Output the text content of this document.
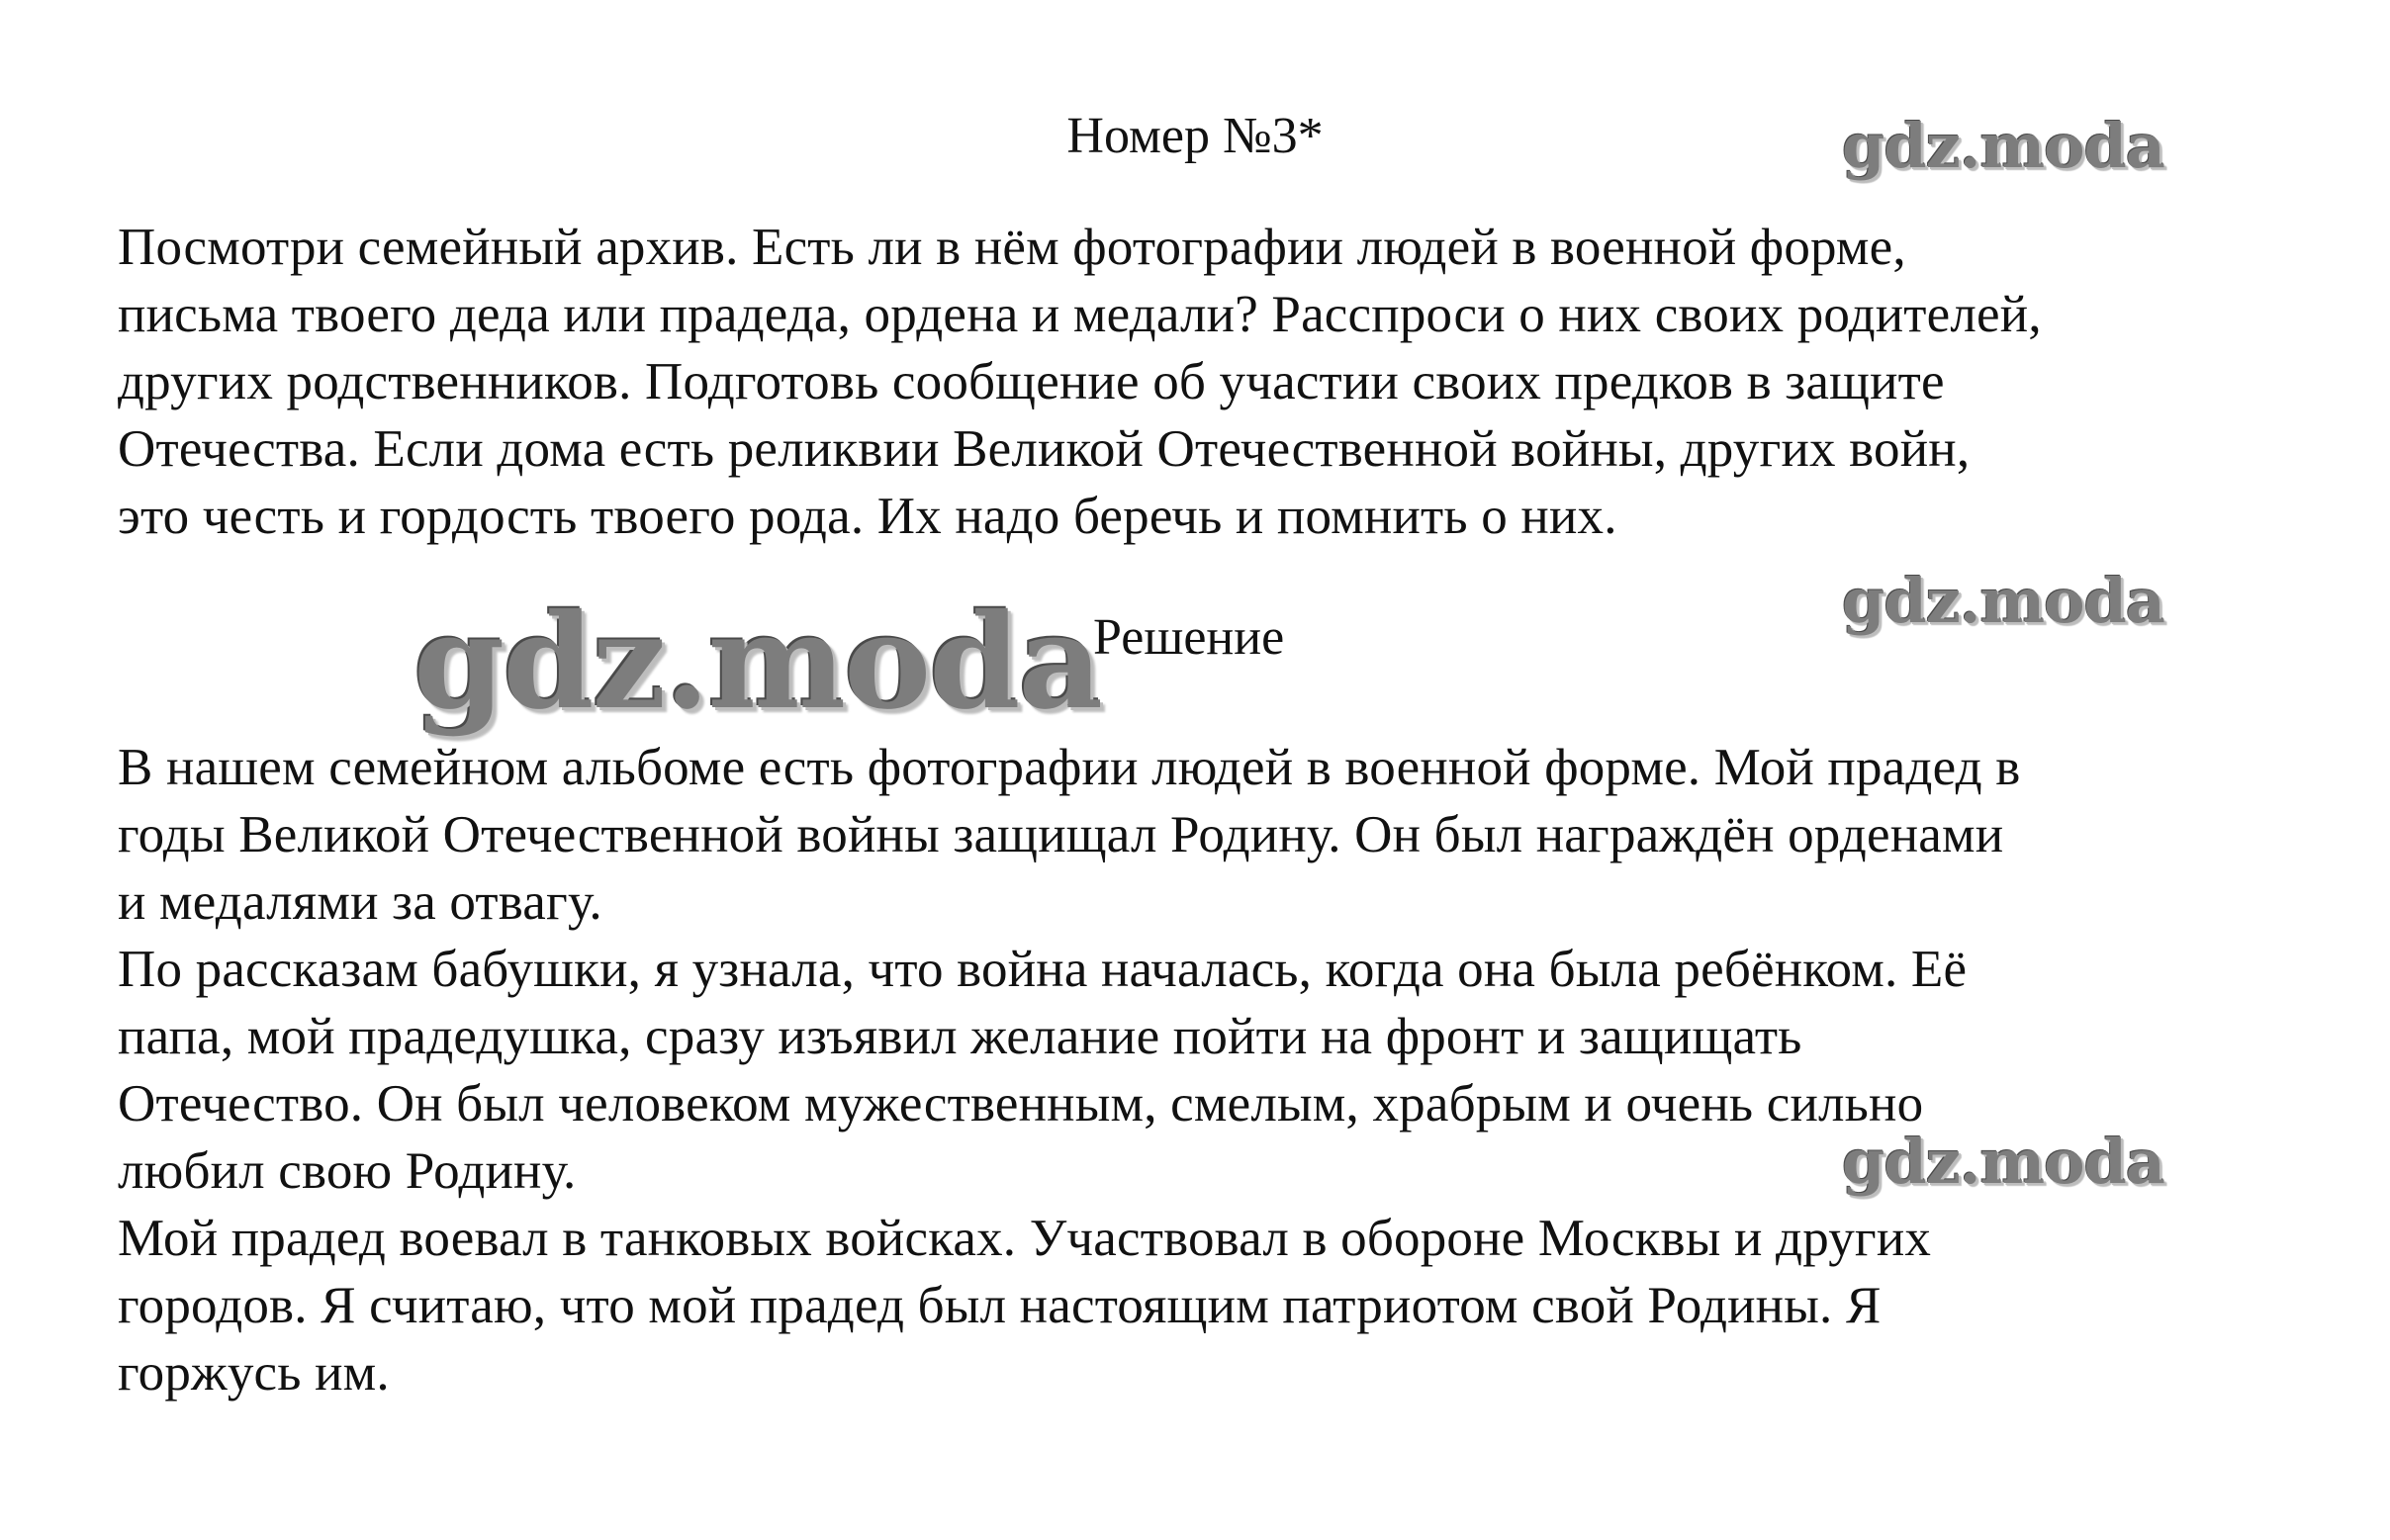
Номер №3*	gdz.moda
Посмотри семейный архив. Есть ли в нём фотографии людей в военной форме,
письма твоего деда или прадеда, ордена и медали? Расспроси о них своих родителей,
других родственников. Подготовь сообщение об участии своих предков в защите
Отечества. Если дома есть реликвии Великой Отечественной войны, других войн,
это честь и гордость твоего рода. Их надо беречь и помнить о них.
gdz.moda
gdz.moda
Решение
В нашем семейном альбоме есть фотографии людей в военной форме. Мой прадед в
годы Великой Отечественной войны защищал Родину. Он был награждён орденами
и медалями за отвагу.
По рассказам бабушки, я узнала, что война началась, когда она была ребёнком. Её
папа, мой прадедушка, сразу изъявил желание пойти на фронт и защищать
Отечество. Он был человеком мужественным, смелым, храбрым и очень сильно
любил свою Родину.
Мой прадед воевал в танковых войсках. Участвовал в обороне Москвы и других
городов. Я считаю, что мой прадед был настоящим патриотом свой Родины. Я
горжусь им.
gdz.moda
